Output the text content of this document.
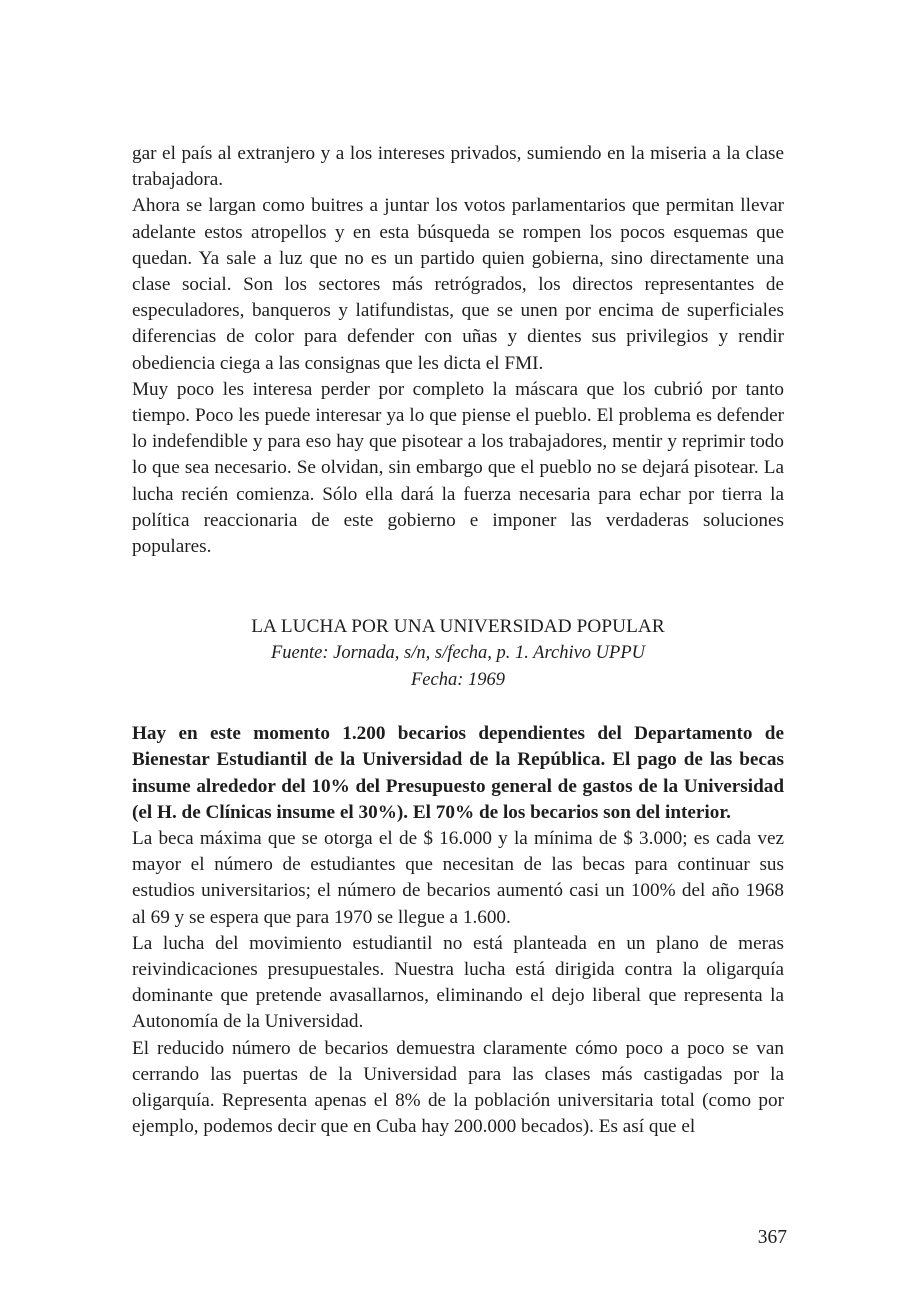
gar el país al extranjero y a los intereses privados, sumiendo en la miseria a la clase trabajadora.

Ahora se largan como buitres a juntar los votos parlamentarios que permitan llevar adelante estos atropellos y en esta búsqueda se rompen los pocos esquemas que quedan. Ya sale a luz que no es un partido quien gobierna, sino directamente una clase social. Son los sectores más retrógrados, los directos representantes de especuladores, banqueros y latifundistas, que se unen por encima de superficiales diferencias de color para defender con uñas y dientes sus privilegios y rendir obediencia ciega a las consignas que les dicta el FMI.

Muy poco les interesa perder por completo la máscara que los cubrió por tanto tiempo. Poco les puede interesar ya lo que piense el pueblo. El problema es defender lo indefendible y para eso hay que pisotear a los trabajadores, mentir y reprimir todo lo que sea necesario. Se olvidan, sin embargo que el pueblo no se dejará pisotear. La lucha recién comienza. Sólo ella dará la fuerza necesaria para echar por tierra la política reaccionaria de este gobierno e imponer las verdaderas soluciones populares.

LA LUCHA POR UNA UNIVERSIDAD POPULAR
Fuente: Jornada, s/n, s/fecha, p. 1. Archivo UPPU
Fecha: 1969

Hay en este momento 1.200 becarios dependientes del Departamento de Bienestar Estudiantil de la Universidad de la República. El pago de las becas insume alrededor del 10% del Presupuesto general de gastos de la Universidad (el H. de Clínicas insume el 30%). El 70% de los becarios son del interior.

La beca máxima que se otorga el de $ 16.000 y la mínima de $ 3.000; es cada vez mayor el número de estudiantes que necesitan de las becas para continuar sus estudios universitarios; el número de becarios aumentó casi un 100% del año 1968 al 69 y se espera que para 1970 se llegue a 1.600.

La lucha del movimiento estudiantil no está planteada en un plano de meras reivindicaciones presupuestales. Nuestra lucha está dirigida contra la oligarquía dominante que pretende avasallarnos, eliminando el dejo liberal que representa la Autonomía de la Universidad.

El reducido número de becarios demuestra claramente cómo poco a poco se van cerrando las puertas de la Universidad para las clases más castigadas por la oligarquía. Representa apenas el 8% de la población universitaria total (como por ejemplo, podemos decir que en Cuba hay 200.000 becados). Es así que el

367
